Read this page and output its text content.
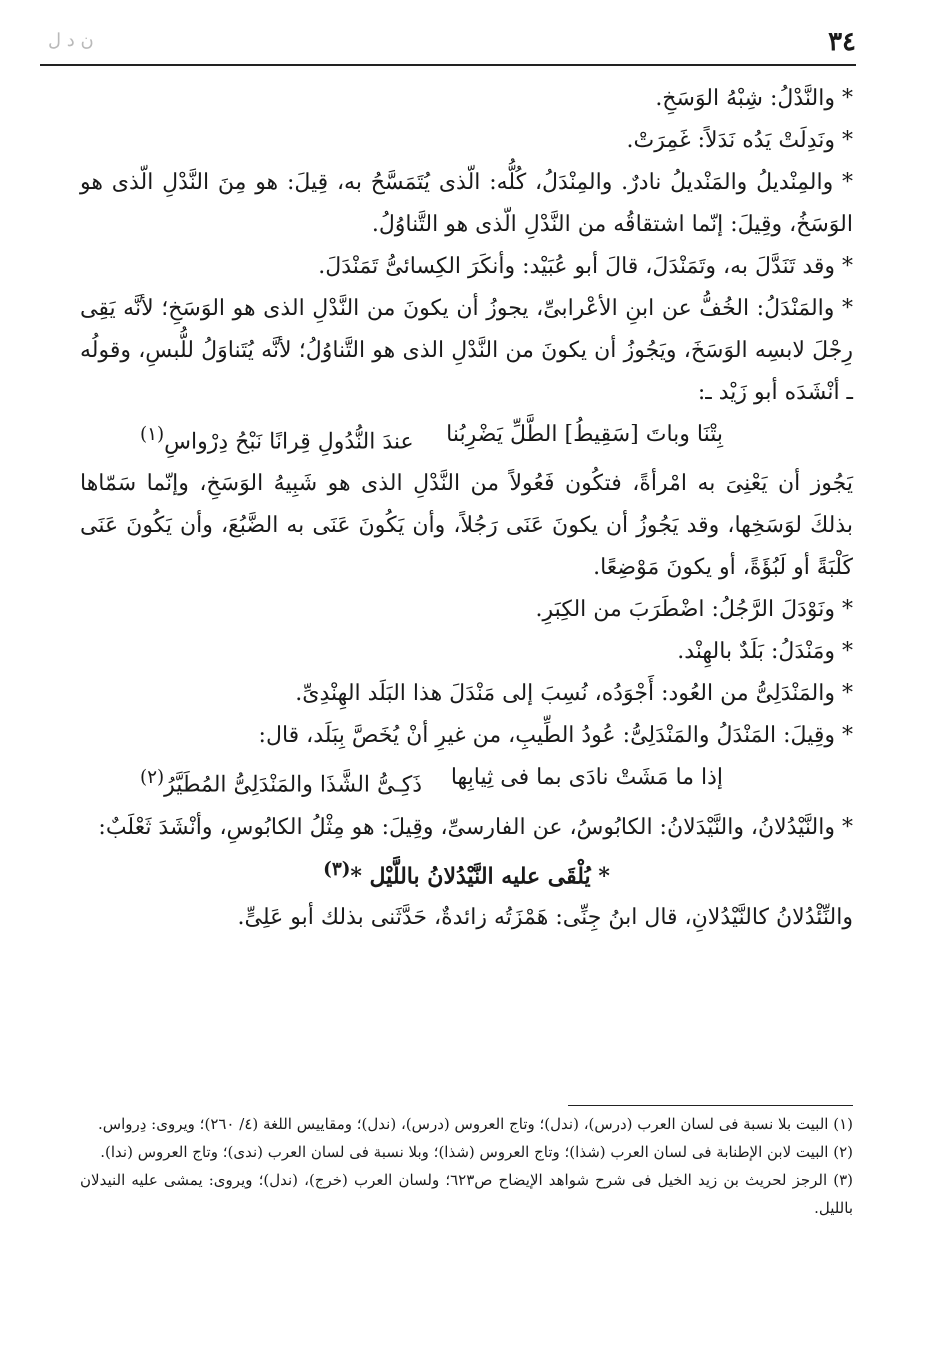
٣٤
ن د ل

* والنَّدْلُ: شِبْهُ الوَسَخِ.

* ونَدِلَتْ يَدُه نَدَلاً: غَمِرَتْ.

* والمِنْديلُ والمَنْديلُ نادرٌ. والمِنْدَلُ، كُلُّه: الّذى يُتَمَسَّحُ به، قِيلَ: هو مِنَ النَّدْلِ الّذى هو الوَسَخُ، وقِيلَ: إنّما اشتقاقُه من النَّدْلِ الّذى هو التَّناوُلُ.

* وقد تَنَدَّلَ به، وتَمَنْدَلَ، قالَ أبو عُبَيْد: وأنكَرَ الكِسائىُّ تَمَنْدَلَ.

* والمَنْدَلُ: الخُفُّ عن ابنِ الأعْرابىِّ، يجوزُ أن يكونَ من النَّدْلِ الذى هو الوَسَخِ؛ لأنَّه يَقِى رِجْلَ لابسِه الوَسَخَ، ويَجُوزُ أن يكونَ من النَّدْلِ الذى هو التَّناوُلُ؛ لأنَّه يُتَناوَلُ للُّبسِ، وقولُه ـ أنْشَدَه أبو زَيْد ـ:

بِتْنَا وباتَ [سَقِيطُ] الطَّلِّ يَضْرِبُنا
عندَ النُّدُولِ قِرانًا نَبْحُ دِرْواسِ$^{(١)}$

يَجُوز أن يَعْنِىَ به امْرأةً، فتكُون فَعُولاً من النَّدْلِ الذى هو شَبِيهُ الوَسَخِ، وإنّما سَمّاها بذلكَ لوَسَخِها، وقد يَجُوزُ أن يكونَ عَنَى رَجُلاً، وأن يَكُونَ عَنَى به الضَّبُعَ، وأن يَكُونَ عَنَى كَلْبَةً أو لَبُؤَةً، أو يكونَ مَوْضِعًا.

* ونَوْدَلَ الرَّجُلُ: اضْطَرَبَ من الكِبَرِ.

* ومَنْدَلُ: بَلَدٌ بالهِنْد.

* والمَنْدَلِىُّ من العُود: أَجْوَدُه، نُسِبَ إلى مَنْدَلَ هذا البَلَد الهِنْدِىِّ.

* وقِيلَ: المَنْدَلُ والمَنْدَلِىُّ: عُودُ الطِّيبِ، من غيرِ أنْ يُخَصَّ بِبَلَد، قال:

إذا ما مَشَتْ نادَى بما فى ثِيابِها
ذَكِـىُّ الشَّذَا والمَنْدَلِىُّ المُطَيَّرُ$^{(٢)}$

* والنَّيْدُلانُ، والنَّيْدَلانُ: الكابُوسُ، عن الفارسىِّ، وقِيلَ: هو مِثْلُ الكابُوسِ، وأنْشَدَ ثَعْلَبٌ:

* يُلْقَى عليه النَّيْدُلانُ باللَّيْل *$^{(٣)}$

والنِّئْدُلانُ كالنَّيْدُلانِ، قال ابنُ جِنِّى: هَمْزَتُه زائدةٌ، حَدَّثَنى بذلك أبو عَلِىٍّ.

(١) البيت بلا نسبة فى لسان العرب (درس)، (ندل)؛ وتاج العروس (درس)، (ندل)؛ ومقاييس اللغة (٤/ ٢٦٠)؛ ويروى: دِرواس.

(٢) البيت لابن الإطنابة فى لسان العرب (شذا)؛ وتاج العروس (شذا)؛ وبلا نسبة فى لسان العرب (ندى)؛ وتاج العروس (ندا).

(٣) الرجز لحريث بن زيد الخيل فى شرح شواهد الإيضاح ص٦٢٣؛ ولسان العرب (خرج)، (ندل)؛ ويروى: يمشى عليه النيدلان بالليل.
